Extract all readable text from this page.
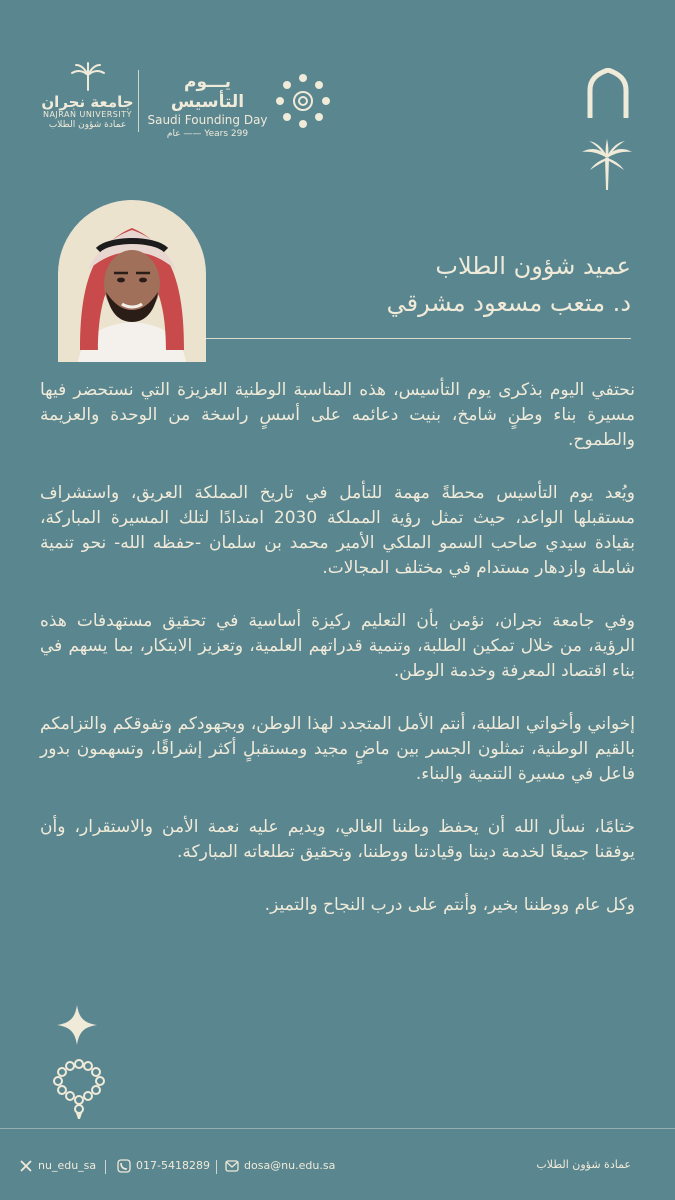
جامعة نجران
NAJRAN UNIVERSITY
عمادة شؤون الطلاب
يـــوم التأسيس
Saudi Founding Day
299 Years —— عام
عميد شؤون الطلاب
د. متعب مسعود مشرقي

نحتفي اليوم بذكرى يوم التأسيس، هذه المناسبة الوطنية العزيزة التي نستحضر فيها مسيرة بناء وطنٍ شامخ، بنيت دعائمه على أسسٍ راسخة من الوحدة والعزيمة والطموح.

ويُعد يوم التأسيس محطةً مهمة للتأمل في تاريخ المملكة العريق، واستشراف مستقبلها الواعد، حيث تمثل رؤية المملكة 2030 امتدادًا لتلك المسيرة المباركة، بقيادة سيدي صاحب السمو الملكي الأمير محمد بن سلمان -حفظه الله- نحو تنمية شاملة وازدهار مستدام في مختلف المجالات.

وفي جامعة نجران، نؤمن بأن التعليم ركيزة أساسية في تحقيق مستهدفات هذه الرؤية، من خلال تمكين الطلبة، وتنمية قدراتهم العلمية، وتعزيز الابتكار، بما يسهم في بناء اقتصاد المعرفة وخدمة الوطن.

إخواني وأخواتي الطلبة، أنتم الأمل المتجدد لهذا الوطن، وبجهودكم وتفوقكم والتزامكم بالقيم الوطنية، تمثلون الجسر بين ماضٍ مجيد ومستقبلٍ أكثر إشراقًا، وتسهمون بدور فاعل في مسيرة التنمية والبناء.

ختامًا، نسأل الله أن يحفظ وطننا الغالي، ويديم عليه نعمة الأمن والاستقرار، وأن يوفقنا جميعًا لخدمة ديننا وقيادتنا ووطننا، وتحقيق تطلعاته المباركة.

وكل عام ووطننا بخير، وأنتم على درب النجاح والتميز.

nu_edu_sa	017-5418289	dosa@nu.edu.sa	عمادة شؤون الطلاب
